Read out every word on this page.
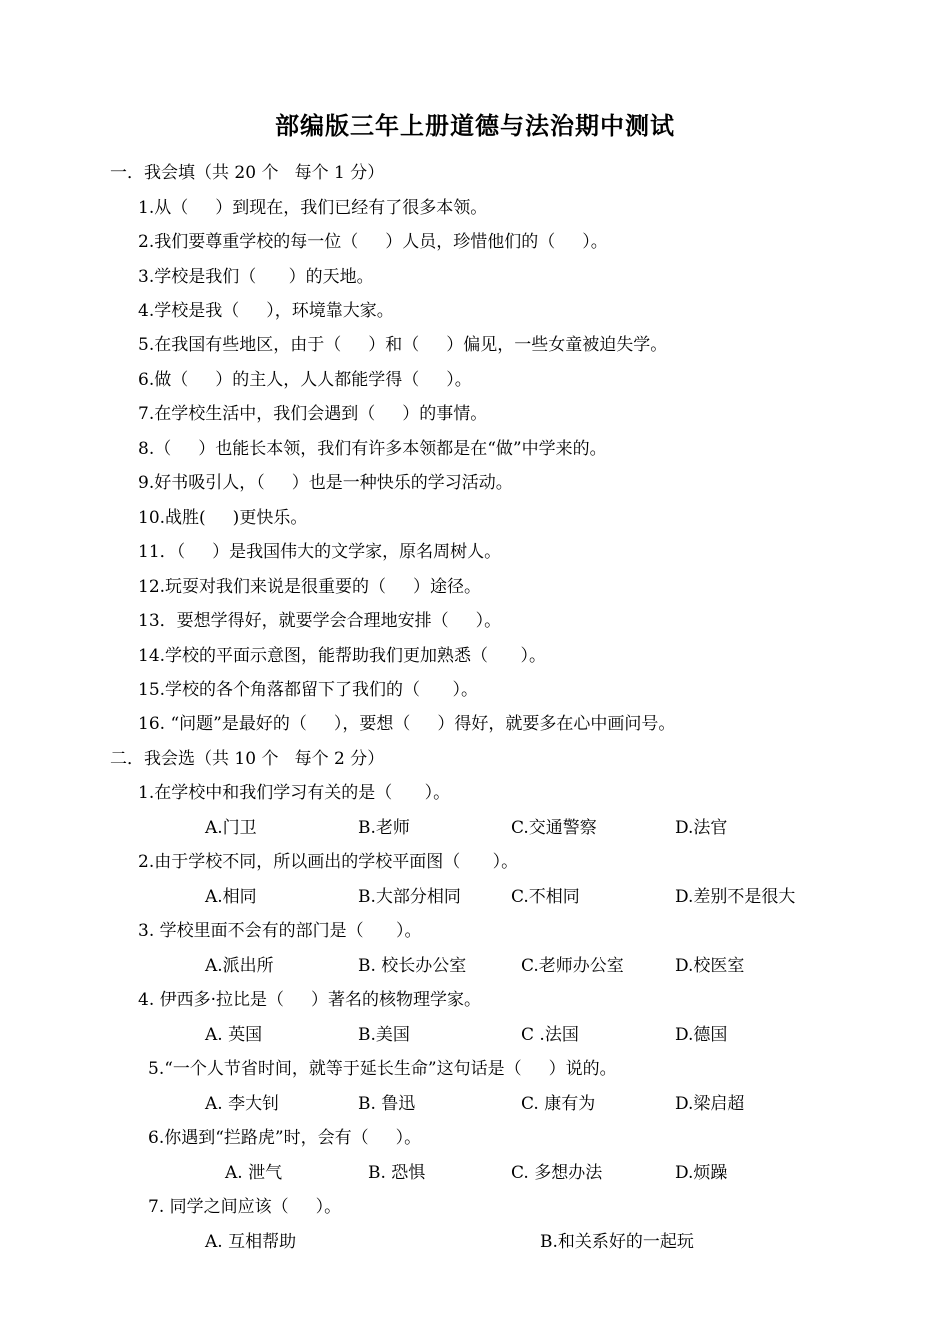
部编版三年上册道德与法治期中测试
一．我会填（共 20 个   每个 1 分）
1.从（     ）到现在，我们已经有了很多本领。
2.我们要尊重学校的每一位（     ）人员，珍惜他们的（     ）。
3.学校是我们（      ）的天地。
4.学校是我（     ），环境靠大家。
5.在我国有些地区，由于（     ）和（     ）偏见，一些女童被迫失学。
6.做（     ）的主人，人人都能学得（     ）。
7.在学校生活中，我们会遇到（     ）的事情。
8.（     ）也能长本领，我们有许多本领都是在“做”中学来的。
9.好书吸引人，（     ）也是一种快乐的学习活动。
10.战胜(     )更快乐。
11．（     ）是我国伟大的文学家，原名周树人。
12.玩耍对我们来说是很重要的（     ）途径。
13．要想学得好，就要学会合理地安排（     ）。
14.学校的平面示意图，能帮助我们更加熟悉（      ）。
15.学校的各个角落都留下了我们的（      ）。
16. “问题”是最好的（     ），要想（     ）得好，就要多在心中画问号。
二．我会选（共 10 个   每个 2 分）
1.在学校中和我们学习有关的是（      ）。
A.门卫	B.老师	C.交通警察	D.法官
2.由于学校不同，所以画出的学校平面图（      ）。
A.相同	B.大部分相同	C.不相同	D.差别不是很大
3. 学校里面不会有的部门是（      ）。
A.派出所	B. 校长办公室	C.老师办公室	D.校医室
4. 伊西多·拉比是（     ）著名的核物理学家。
A. 英国	B.美国	C .法国	D.德国
5.“一个人节省时间，就等于延长生命”这句话是（     ）说的。
A. 李大钊	B. 鲁迅	C. 康有为	D.梁启超
6.你遇到“拦路虎”时，会有（     ）。
A. 泄气	B. 恐惧	C. 多想办法	D.烦躁
7. 同学之间应该（     ）。
A. 互相帮助	B.和关系好的一起玩
